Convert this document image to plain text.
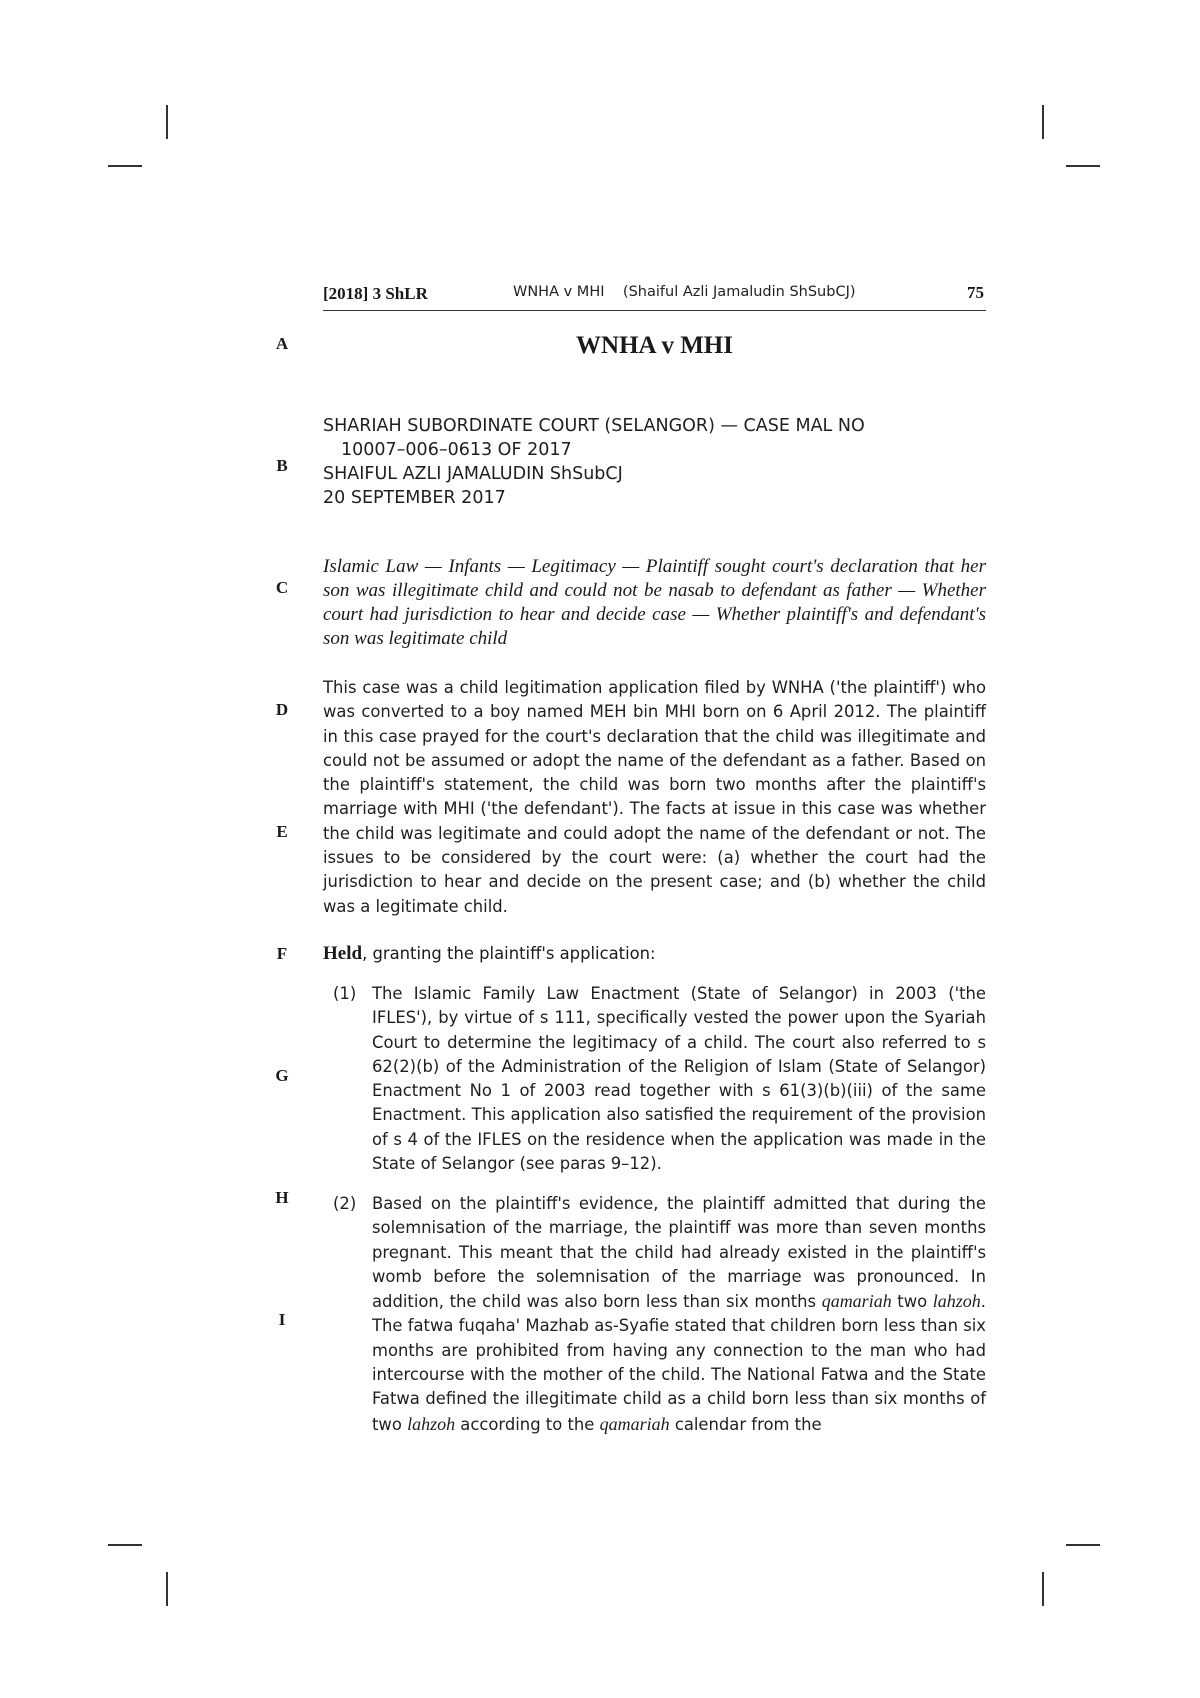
[2018] 3 ShLR	WNHA v MHI    (Shaiful Azli Jamaludin ShSubCJ)	75
A
B
C
D
E
F
G
H
I
WNHA v MHI
SHARIAH SUBORDINATE COURT (SELANGOR) — CASE MAL NO
10007–006–0613 OF 2017
SHAIFUL AZLI JAMALUDIN ShSubCJ
20 SEPTEMBER 2017
Islamic Law — Infants — Legitimacy — Plaintiff sought court's declaration that her son was illegitimate child and could not be nasab to defendant as father — Whether court had jurisdiction to hear and decide case — Whether plaintiff's and defendant's son was legitimate child
This case was a child legitimation application filed by WNHA ('the plaintiff') who was converted to a boy named MEH bin MHI born on 6 April 2012. The plaintiff in this case prayed for the court's declaration that the child was illegitimate and could not be assumed or adopt the name of the defendant as a father. Based on the plaintiff's statement, the child was born two months after the plaintiff's marriage with MHI ('the defendant'). The facts at issue in this case was whether the child was legitimate and could adopt the name of the defendant or not. The issues to be considered by the court were: (a) whether the court had the jurisdiction to hear and decide on the present case; and (b) whether the child was a legitimate child.
Held, granting the plaintiff's application:
(1) The Islamic Family Law Enactment (State of Selangor) in 2003 ('the IFLES'), by virtue of s 111, specifically vested the power upon the Syariah Court to determine the legitimacy of a child. The court also referred to s 62(2)(b) of the Administration of the Religion of Islam (State of Selangor) Enactment No 1 of 2003 read together with s 61(3)(b)(iii) of the same Enactment. This application also satisfied the requirement of the provision of s 4 of the IFLES on the residence when the application was made in the State of Selangor (see paras 9–12).
(2) Based on the plaintiff's evidence, the plaintiff admitted that during the solemnisation of the marriage, the plaintiff was more than seven months pregnant. This meant that the child had already existed in the plaintiff's womb before the solemnisation of the marriage was pronounced. In addition, the child was also born less than six months qamariah two lahzoh. The fatwa fuqaha' Mazhab as-Syafie stated that children born less than six months are prohibited from having any connection to the man who had intercourse with the mother of the child. The National Fatwa and the State Fatwa defined the illegitimate child as a child born less than six months of two lahzoh according to the qamariah calendar from the
